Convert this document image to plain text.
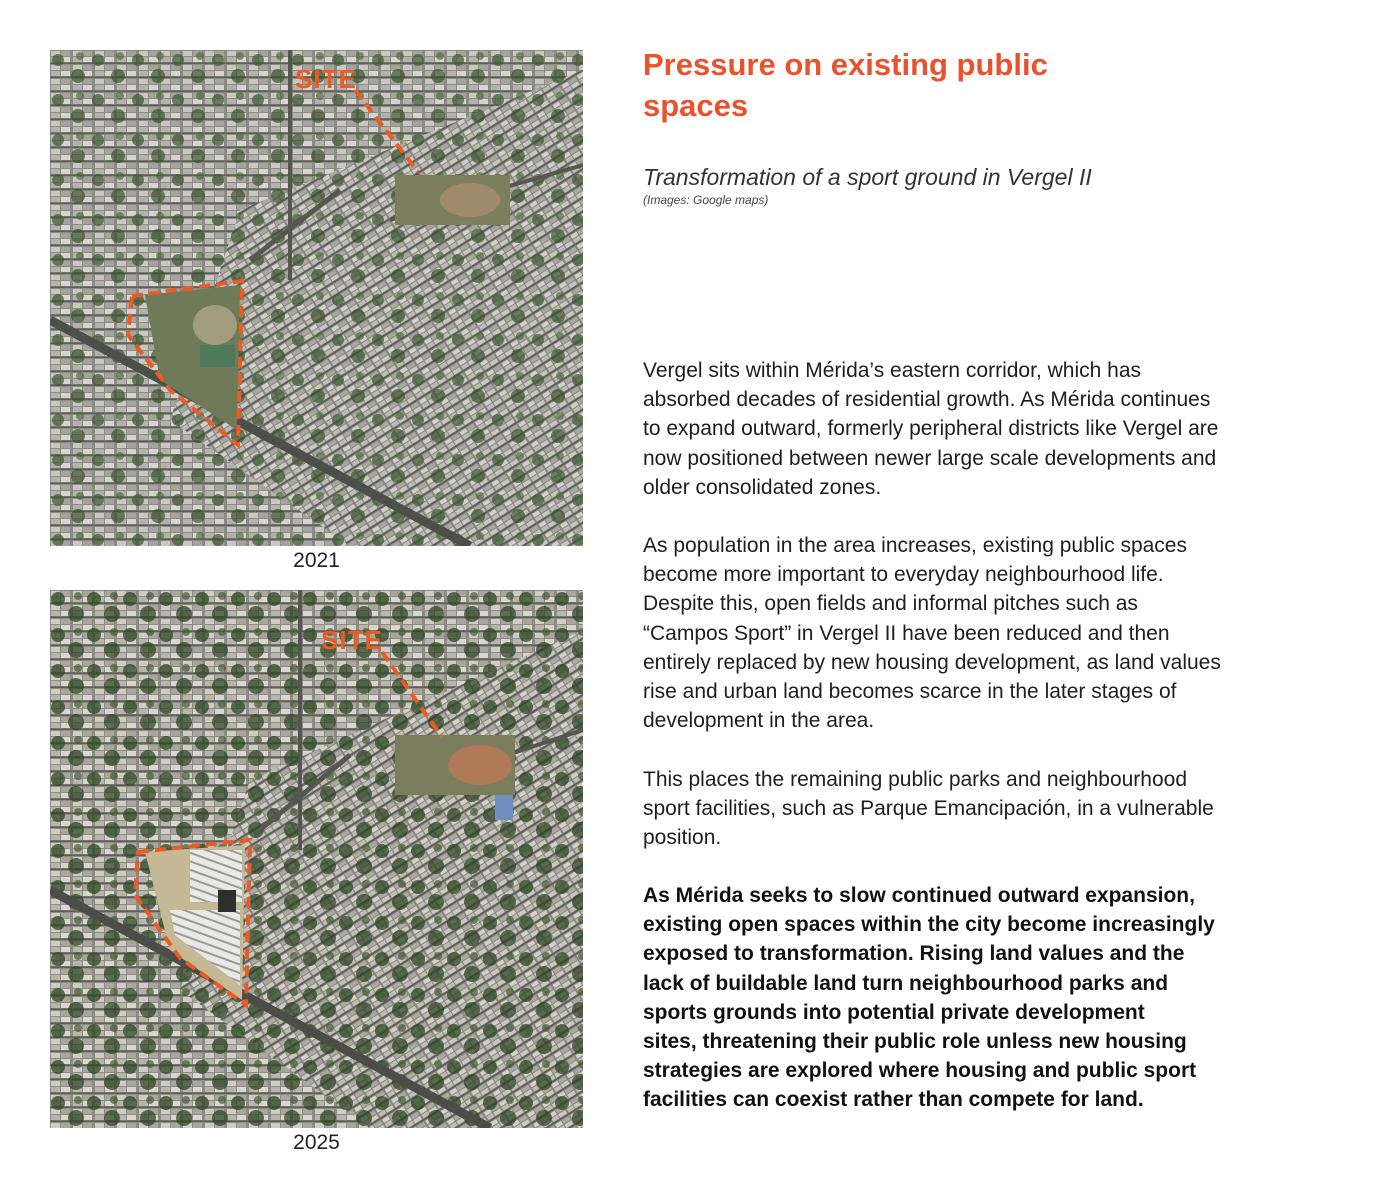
SITE
2021
SITE
2025
Pressure on existing public
spaces

Transformation of a sport ground in Vergel II

(Images: Google maps)

Vergel sits within Mérida’s eastern corridor, which has
absorbed decades of residential growth. As Mérida continues
to expand outward, formerly peripheral districts like Vergel are
now positioned between newer large scale developments and
older consolidated zones.

As population in the area increases, existing public spaces
become more important to everyday neighbourhood life.
Despite this, open fields and informal pitches such as
“Campos Sport” in Vergel II have been reduced and then
entirely replaced by new housing development, as land values
rise and urban land becomes scarce in the later stages of
development in the area.

This places the remaining public parks and neighbourhood
sport facilities, such as Parque Emancipación, in a vulnerable
position.

As Mérida seeks to slow continued outward expansion,
existing open spaces within the city become increasingly
exposed to transformation. Rising land values and the
lack of buildable land turn neighbourhood parks and
sports grounds into potential private development
sites, threatening their public role unless new housing
strategies are explored where housing and public sport
facilities can coexist rather than compete for land.
